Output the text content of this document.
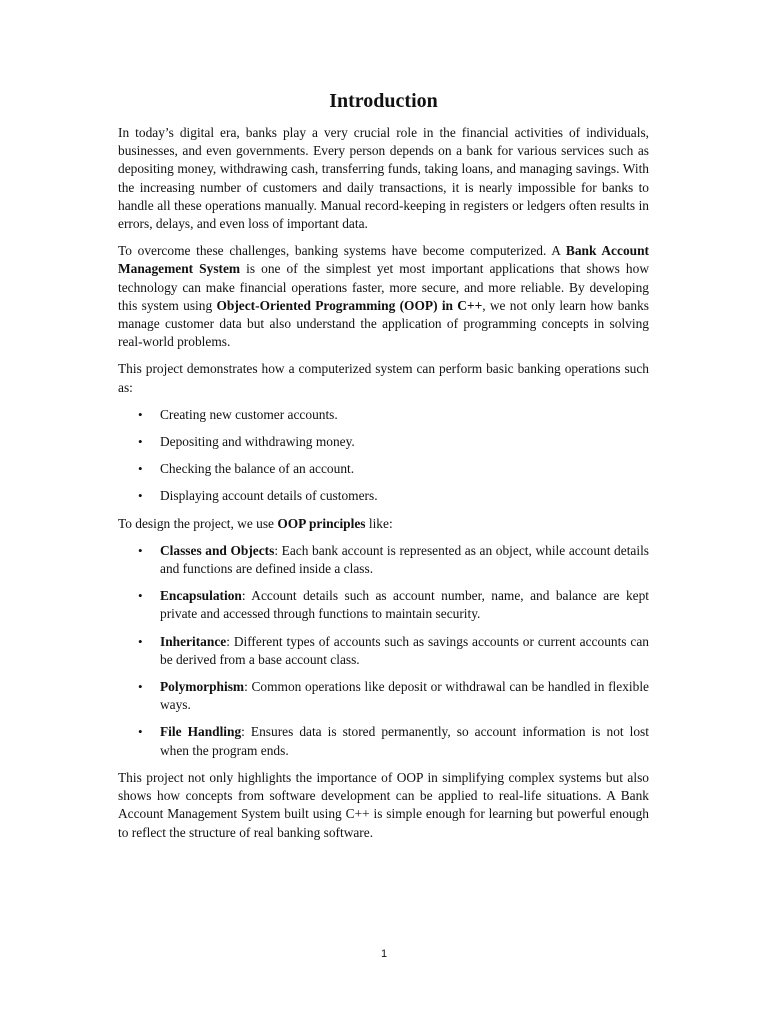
Introduction

In today’s digital era, banks play a very crucial role in the financial activities of individuals, businesses, and even governments. Every person depends on a bank for various services such as depositing money, withdrawing cash, transferring funds, taking loans, and managing savings. With the increasing number of customers and daily transactions, it is nearly impossible for banks to handle all these operations manually. Manual record-keeping in registers or ledgers often results in errors, delays, and even loss of important data.

To overcome these challenges, banking systems have become computerized. A Bank Account Management System is one of the simplest yet most important applications that shows how technology can make financial operations faster, more secure, and more reliable. By developing this system using Object-Oriented Programming (OOP) in C++, we not only learn how banks manage customer data but also understand the application of programming concepts in solving real-world problems.

This project demonstrates how a computerized system can perform basic banking operations such as:

• Creating new customer accounts.
• Depositing and withdrawing money.
• Checking the balance of an account.
• Displaying account details of customers.

To design the project, we use OOP principles like:

• Classes and Objects: Each bank account is represented as an object, while account details and functions are defined inside a class.
• Encapsulation: Account details such as account number, name, and balance are kept private and accessed through functions to maintain security.
• Inheritance: Different types of accounts such as savings accounts or current accounts can be derived from a base account class.
• Polymorphism: Common operations like deposit or withdrawal can be handled in flexible ways.
• File Handling: Ensures data is stored permanently, so account information is not lost when the program ends.

This project not only highlights the importance of OOP in simplifying complex systems but also shows how concepts from software development can be applied to real-life situations. A Bank Account Management System built using C++ is simple enough for learning but powerful enough to reflect the structure of real banking software.

1
